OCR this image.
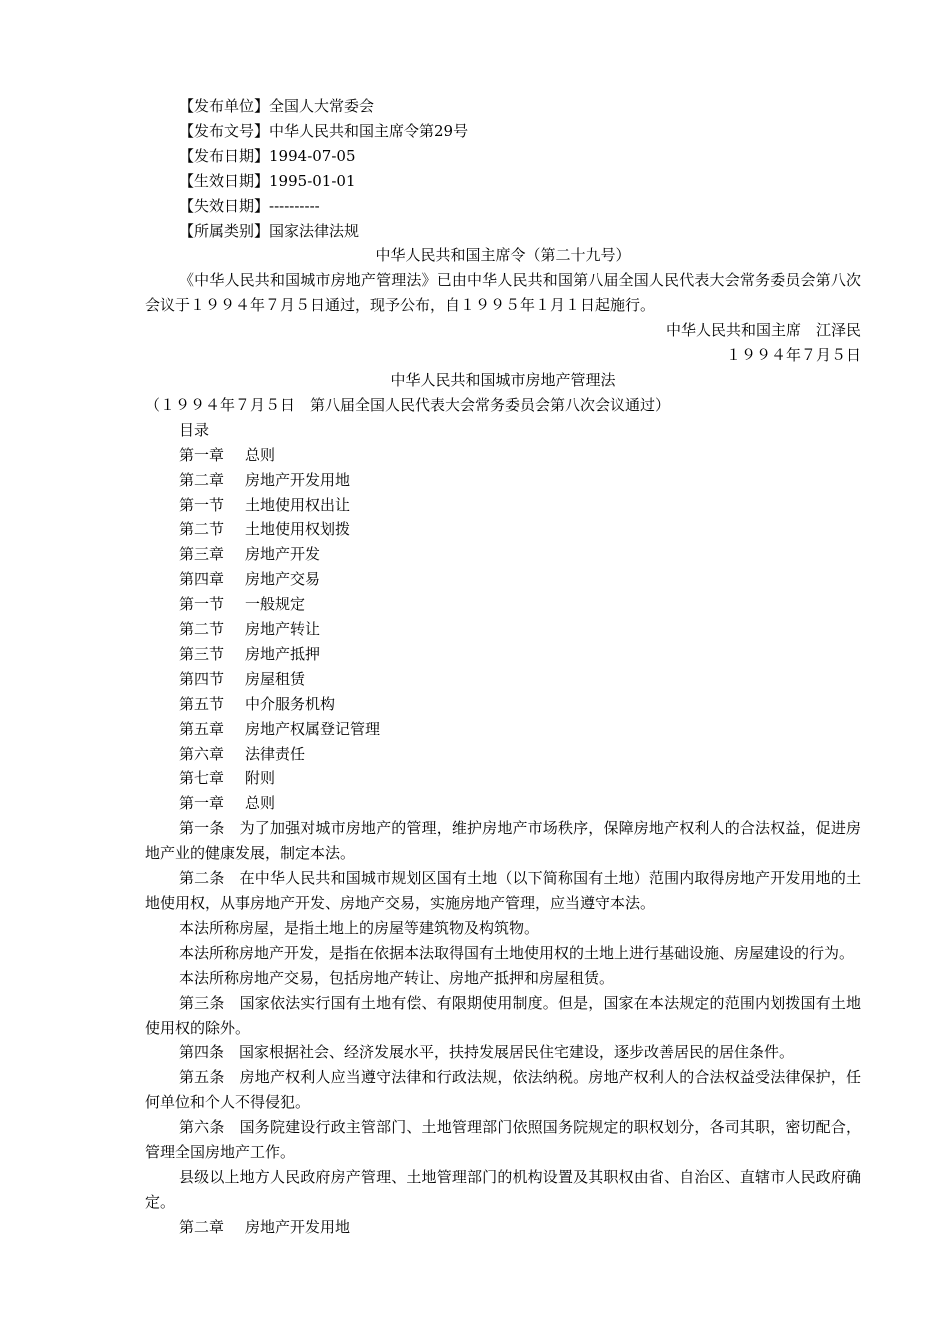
【发布单位】全国人大常委会
【发布文号】中华人民共和国主席令第29号
【发布日期】1994-07-05
【生效日期】1995-01-01
【失效日期】----------
【所属类别】国家法律法规
中华人民共和国主席令（第二十九号）
《中华人民共和国城市房地产管理法》已由中华人民共和国第八届全国人民代表大会常务委员会第八次会议于１９９４年７月５日通过，现予公布，自１９９５年１月１日起施行。
中华人民共和国主席　江泽民
１９９４年７月５日
中华人民共和国城市房地产管理法
（１９９４年７月５日　第八届全国人民代表大会常务委员会第八次会议通过）
目录
第一章 总则
第二章 房地产开发用地
第一节 土地使用权出让
第二节 土地使用权划拨
第三章 房地产开发
第四章 房地产交易
第一节 一般规定
第二节 房地产转让
第三节 房地产抵押
第四节 房屋租赁
第五节 中介服务机构
第五章 房地产权属登记管理
第六章 法律责任
第七章 附则
第一章 总则
第一条 为了加强对城市房地产的管理，维护房地产市场秩序，保障房地产权利人的合法权益，促进房地产业的健康发展，制定本法。
第二条 在中华人民共和国城市规划区国有土地（以下简称国有土地）范围内取得房地产开发用地的土地使用权，从事房地产开发、房地产交易，实施房地产管理，应当遵守本法。
本法所称房屋，是指土地上的房屋等建筑物及构筑物。
本法所称房地产开发，是指在依据本法取得国有土地使用权的土地上进行基础设施、房屋建设的行为。
本法所称房地产交易，包括房地产转让、房地产抵押和房屋租赁。
第三条 国家依法实行国有土地有偿、有限期使用制度。但是，国家在本法规定的范围内划拨国有土地使用权的除外。
第四条 国家根据社会、经济发展水平，扶持发展居民住宅建设，逐步改善居民的居住条件。
第五条 房地产权利人应当遵守法律和行政法规，依法纳税。房地产权利人的合法权益受法律保护，任何单位和个人不得侵犯。
第六条 国务院建设行政主管部门、土地管理部门依照国务院规定的职权划分，各司其职，密切配合，管理全国房地产工作。
县级以上地方人民政府房产管理、土地管理部门的机构设置及其职权由省、自治区、直辖市人民政府确定。
第二章 房地产开发用地
